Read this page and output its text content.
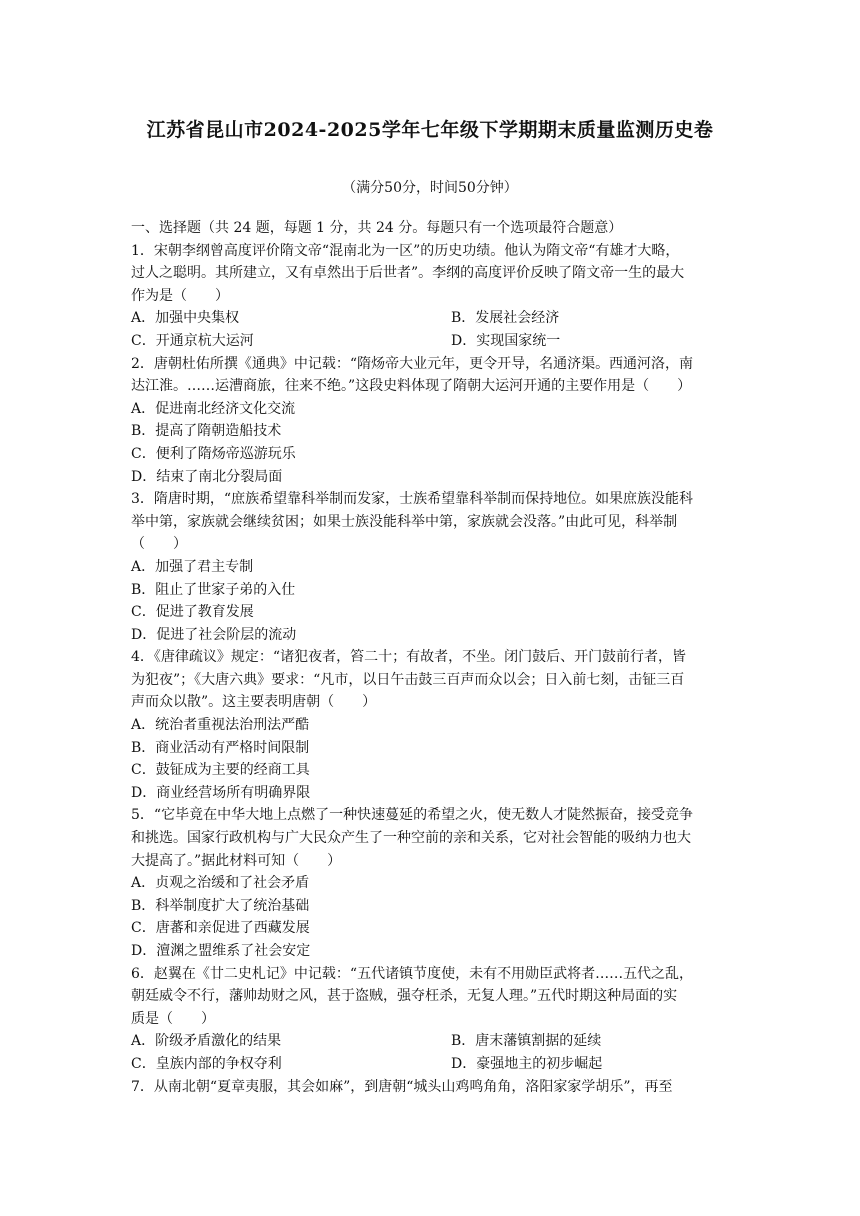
江苏省昆山市2024-2025学年七年级下学期期末质量监测历史卷
（满分50分，时间50分钟）
一、选择题（共 24 题，每题 1 分，共 24 分。每题只有一个选项最符合题意）
1．宋朝李纲曾高度评价隋文帝“混南北为一区”的历史功绩。他认为隋文帝“有雄才大略，
过人之聪明。其所建立，又有卓然出于后世者”。李纲的高度评价反映了隋文帝一生的最大
作为是（　　）
A．加强中央集权	B．发展社会经济
C．开通京杭大运河	D．实现国家统一
2．唐朝杜佑所撰《通典》中记载：“隋炀帝大业元年，更令开导，名通济渠。西通河洛，南
达江淮。……运漕商旅，往来不绝。”这段史料体现了隋朝大运河开通的主要作用是（　　）
A．促进南北经济文化交流
B．提高了隋朝造船技术
C．便利了隋炀帝巡游玩乐
D．结束了南北分裂局面
3．隋唐时期，“庶族希望靠科举制而发家，士族希望靠科举制而保持地位。如果庶族没能科
举中第，家族就会继续贫困；如果士族没能科举中第，家族就会没落。”由此可见，科举制
（　　）
A．加强了君主专制
B．阻止了世家子弟的入仕
C．促进了教育发展
D．促进了社会阶层的流动
4．《唐律疏议》规定：“诸犯夜者，笞二十；有故者，不坐。闭门鼓后、开门鼓前行者，皆
为犯夜”；《大唐六典》要求：“凡市，以日午击鼓三百声而众以会；日入前七刻，击钲三百
声而众以散”。这主要表明唐朝（　　）
A．统治者重视法治刑法严酷
B．商业活动有严格时间限制
C．鼓钲成为主要的经商工具
D．商业经营场所有明确界限
5．“它毕竟在中华大地上点燃了一种快速蔓延的希望之火，使无数人才陡然振奋，接受竞争
和挑选。国家行政机构与广大民众产生了一种空前的亲和关系，它对社会智能的吸纳力也大
大提高了。”据此材料可知（　　）
A．贞观之治缓和了社会矛盾
B．科举制度扩大了统治基础
C．唐蕃和亲促进了西藏发展
D．澶渊之盟维系了社会安定
6．赵翼在《廿二史札记》中记载：“五代诸镇节度使，未有不用勋臣武将者……五代之乱，
朝廷威令不行，藩帅劫财之风，甚于盗贼，强夺枉杀，无复人理。”五代时期这种局面的实
质是（　　）
A．阶级矛盾激化的结果	B．唐末藩镇割据的延续
C．皇族内部的争权夺利	D．豪强地主的初步崛起
7．从南北朝“夏章夷服，其会如麻”，到唐朝“城头山鸡鸣角角，洛阳家家学胡乐”，再至
